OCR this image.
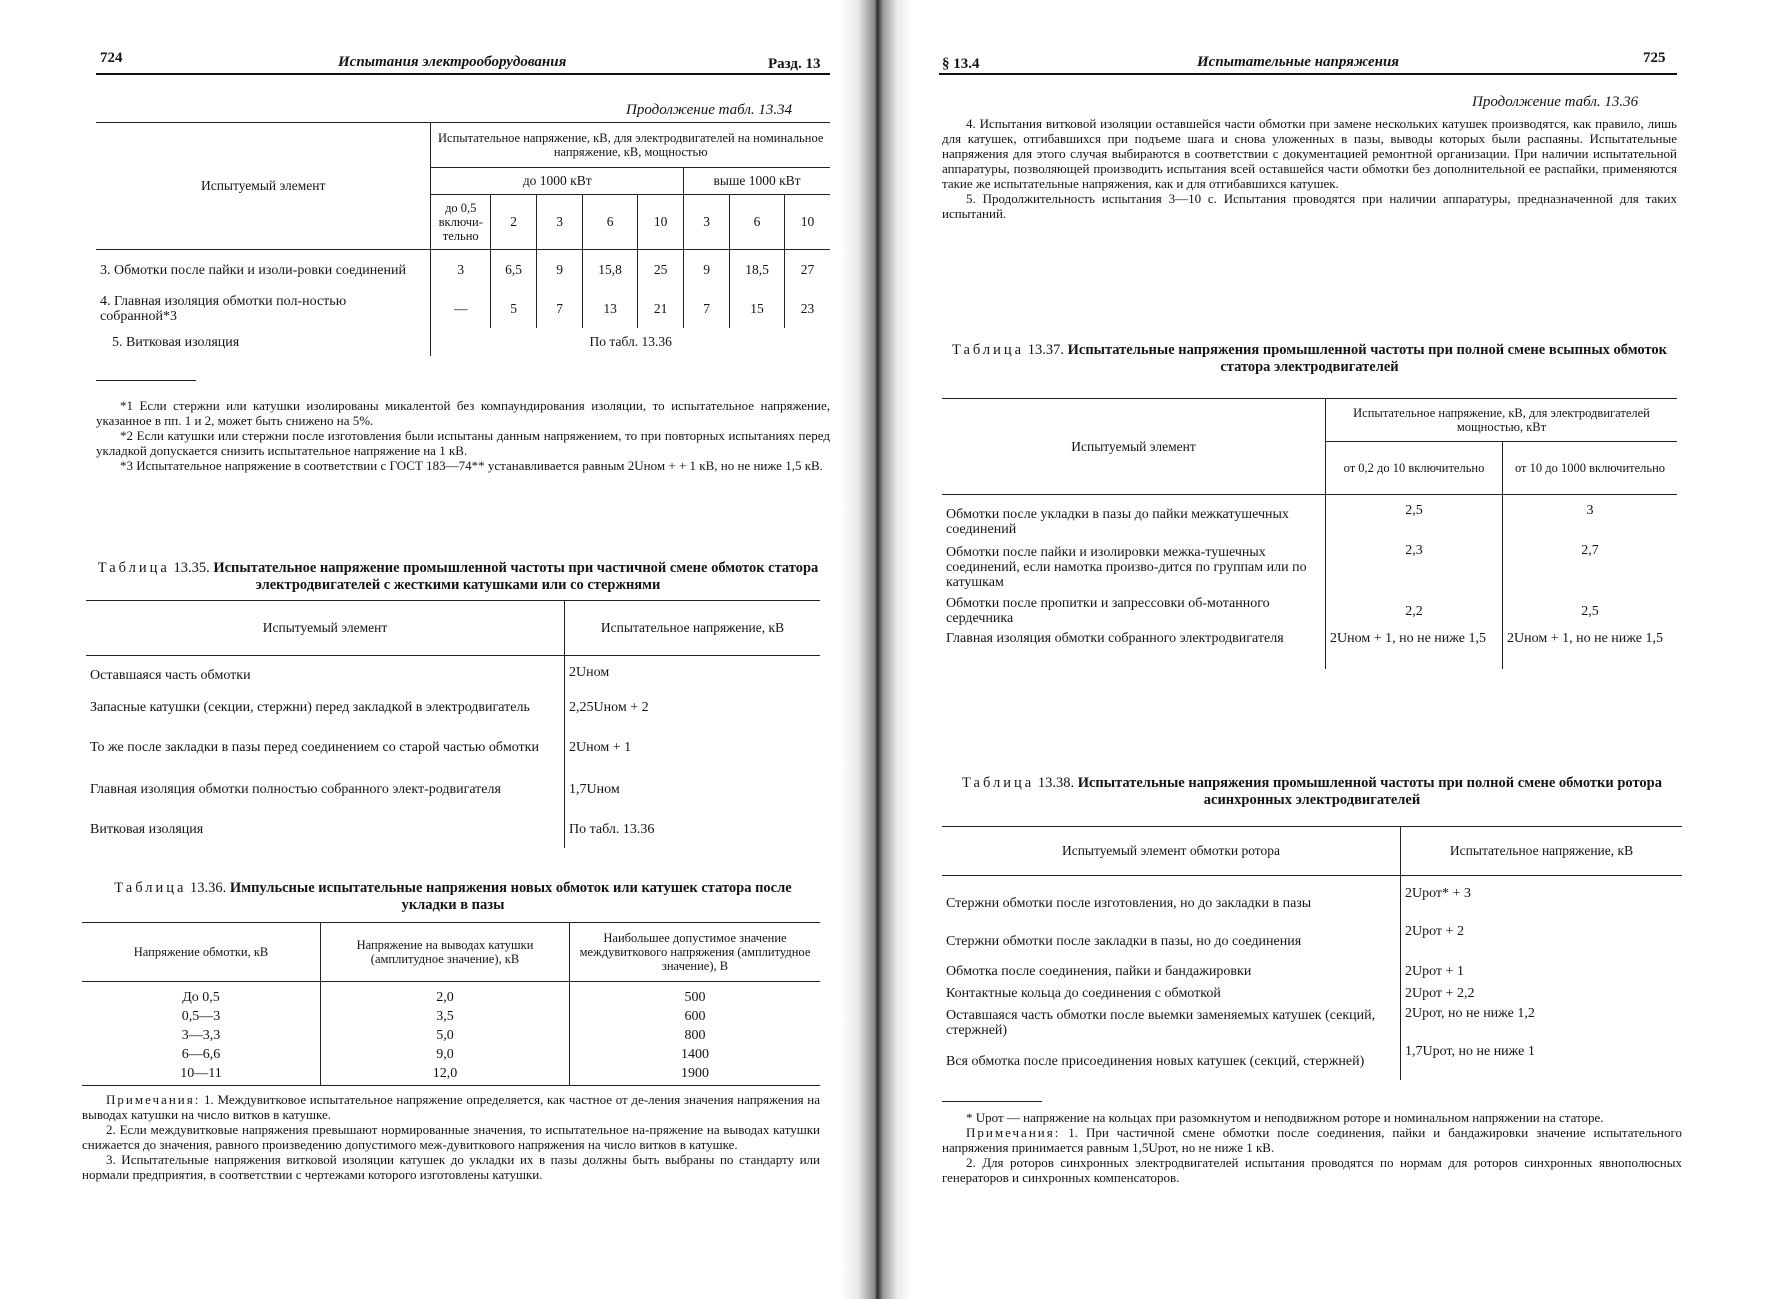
724	Испытания электрооборудования	Разд. 13
Продолжение табл. 13.34
Испытуемый элемент	Испытательное напряжение, кВ, для электродвигателей на номинальное напряжение, кВ, мощностью							
	до 1000 кВт					выше 1000 кВт		
	до 0,5 включи-тельно	2	3	6	10	3	6	10
3. Обмотки после пайки и изоли-ровки соединений	3	6,5	9	15,8	25	9	18,5	27
4. Главная изоляция обмотки пол-ностью собранной*3	—	5	7	13	21	7	15	23
5. Витковая изоляция	По табл. 13.36							

*1 Если стержни или катушки изолированы микалентой без компаундирования изоляции, то испытательное напряжение, указанное в пп. 1 и 2, может быть снижено на 5%.

*2 Если катушки или стержни после изготовления были испытаны данным напряжением, то при повторных испытаниях перед укладкой допускается снизить испытательное напряжение на 1 кВ.

*3 Испытательное напряжение в соответствии с ГОСТ 183—74** устанавливается равным 2Uном + + 1 кВ, но не ниже 1,5 кВ.

Таблица 13.35. Испытательное напряжение промышленной частоты при частичной смене обмоток статора электродвигателей с жесткими катушками или со стержнями
Испытуемый элемент	Испытательное напряжение, кВ
Оставшаяся часть обмотки	2Uном
Запасные катушки (секции, стержни) перед закладкой в электродвигатель	2,25Uном + 2
То же после закладки в пазы перед соединением со старой частью обмотки	2Uном + 1
Главная изоляция обмотки полностью собранного элект-родвигателя	1,7Uном
Витковая изоляция	По табл. 13.36
Таблица 13.36. Импульсные испытательные напряжения новых обмоток или катушек статора после укладки в пазы
Напряжение обмотки, кВ	Напряжение на выводах катушки (амплитудное значение), кВ	Наибольшее допустимое значение междувиткового напряжения (амплитудное значение), В
До 0,5	2,0	500
0,5—3	3,5	600
3—3,3	5,0	800
6—6,6	9,0	1400
10—11	12,0	1900

Примечания: 1. Междувитковое испытательное напряжение определяется, как частное от де-ления значения напряжения на выводах катушки на число витков в катушке.

2. Если междувитковые напряжения превышают нормированные значения, то испытательное на-пряжение на выводах катушки снижается до значения, равного произведению допустимого меж-дувиткового напряжения на число витков в катушке.

3. Испытательные напряжения витковой изоляции катушек до укладки их в пазы должны быть выбраны по стандарту или нормали предприятия, в соответствии с чертежами которого изготовлены катушки.

§ 13.4	Испытательные напряжения	725
Продолжение табл. 13.36

4. Испытания витковой изоляции оставшейся части обмотки при замене нескольких катушек производятся, как правило, лишь для катушек, отгибавшихся при подъеме шага и снова уложенных в пазы, выводы которых были распаяны. Испытательные напряжения для этого случая выбираются в соответствии с документацией ремонтной организации. При наличии испытательной аппаратуры, позволяющей производить испытания всей оставшейся части обмотки без дополнительной ее распайки, применяются такие же испытательные напряжения, как и для отгибавшихся катушек.

5. Продолжительность испытания 3—10 с. Испытания проводятся при наличии аппаратуры, предназначенной для таких испытаний.

Таблица 13.37. Испытательные напряжения промышленной частоты при полной смене всыпных обмоток статора электродвигателей
Испытуемый элемент	Испытательное напряжение, кВ, для электродвигателей мощностью, кВт	
	от 0,2 до 10 включительно	от 10 до 1000 включительно
Обмотки после укладки в пазы до пайки межкатушечных соединений	2,5	3
Обмотки после пайки и изолировки межка-тушечных соединений, если намотка произво-дится по группам или по катушкам	2,3	2,7
Обмотки после пропитки и запрессовки об-мотанного сердечника	2,2	2,5
Главная изоляция обмотки собранного электродвигателя	2Uном + 1, но не ниже 1,5	2Uном + 1, но не ниже 1,5
Таблица 13.38. Испытательные напряжения промышленной частоты при полной смене обмотки ротора асинхронных электродвигателей
Испытуемый элемент обмотки ротора	Испытательное напряжение, кВ
Стержни обмотки после изготовления, но до закладки в пазы	2Uрот* + 3
Стержни обмотки после закладки в пазы, но до соединения	2Uрот + 2
Обмотка после соединения, пайки и бандажировки	2Uрот + 1
Контактные кольца до соединения с обмоткой	2Uрот + 2,2
Оставшаяся часть обмотки после выемки заменяемых катушек (секций, стержней)	2Uрот, но не ниже 1,2
Вся обмотка после присоединения новых катушек (секций, стержней)	1,7Uрот, но не ниже 1

* Uрот — напряжение на кольцах при разомкнутом и неподвижном роторе и номинальном напряжении на статоре.

Примечания: 1. При частичной смене обмотки после соединения, пайки и бандажировки значение испытательного напряжения принимается равным 1,5Uрот, но не ниже 1 кВ.

2. Для роторов синхронных электродвигателей испытания проводятся по нормам для роторов синхронных явнополюсных генераторов и синхронных компенсаторов.
